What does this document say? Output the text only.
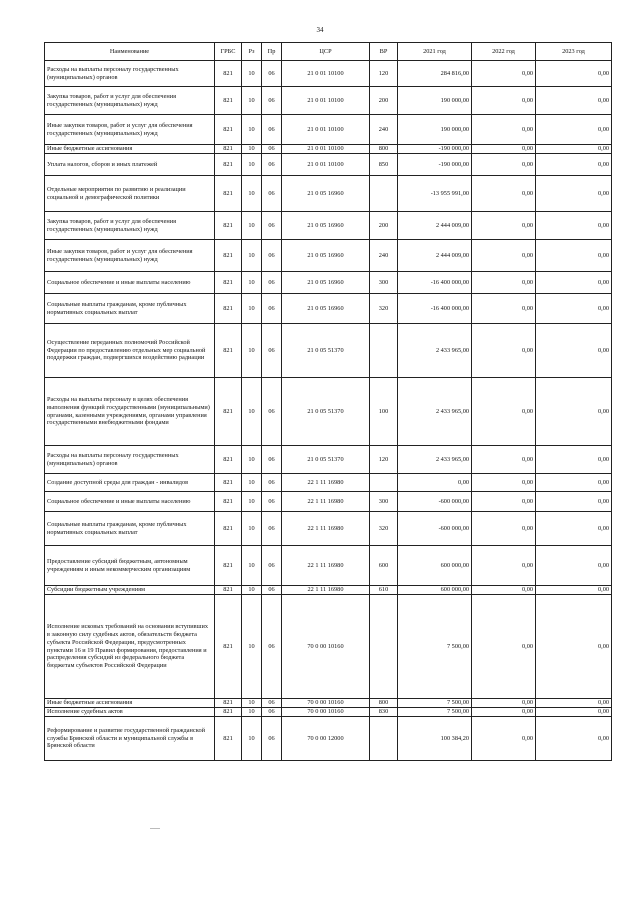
34
Наименование	ГРБС	Рз	Пр	ЦСР	ВР	2021 год	2022 год	2023 год
Расходы на выплаты персоналу государственных (муниципальных) органов	821	10	06	21 0 01 10100	120	284 816,00	0,00	0,00
Закупка товаров, работ и услуг для обеспечения государственных (муниципальных) нужд	821	10	06	21 0 01 10100	200	190 000,00	0,00	0,00
Иные закупки товаров, работ и услуг для обеспечения государственных (муниципальных) нужд	821	10	06	21 0 01 10100	240	190 000,00	0,00	0,00
Иные бюджетные ассигнования	821	10	06	21 0 01 10100	800	-190 000,00	0,00	0,00
Уплата налогов, сборов и иных платежей	821	10	06	21 0 01 10100	850	-190 000,00	0,00	0,00
Отдельные мероприятия по развитию и реализации социальной и демографической политики	821	10	06	21 0 05 16960		-13 955 991,00	0,00	0,00
Закупка товаров, работ и услуг для обеспечения государственных (муниципальных) нужд	821	10	06	21 0 05 16960	200	2 444 009,00	0,00	0,00
Иные закупки товаров, работ и услуг для обеспечения государственных (муниципальных) нужд	821	10	06	21 0 05 16960	240	2 444 009,00	0,00	0,00
Социальное обеспечение и иные выплаты населению	821	10	06	21 0 05 16960	300	-16 400 000,00	0,00	0,00
Социальные выплаты гражданам, кроме публичных нормативных социальных выплат	821	10	06	21 0 05 16960	320	-16 400 000,00	0,00	0,00
Осуществление переданных полномочий Российской Федерации по предоставлению отдельных мер социальной поддержки граждан, подвергшихся воздействию радиации	821	10	06	21 0 05 51370		2 433 965,00	0,00	0,00
Расходы на выплаты персоналу в целях обеспечения выполнения функций государственными (муниципальными) органами, казенными учреждениями, органами управления государственными внебюджетными фондами	821	10	06	21 0 05 51370	100	2 433 965,00	0,00	0,00
Расходы на выплаты персоналу государственных (муниципальных) органов	821	10	06	21 0 05 51370	120	2 433 965,00	0,00	0,00
Создание доступной среды для граждан - инвалидов	821	10	06	22 1 11 16980		0,00	0,00	0,00
Социальное обеспечение и иные выплаты населению	821	10	06	22 1 11 16980	300	-600 000,00	0,00	0,00
Социальные выплаты гражданам, кроме публичных нормативных социальных выплат	821	10	06	22 1 11 16980	320	-600 000,00	0,00	0,00
Предоставление субсидий бюджетным, автономным учреждениям и иным некоммерческим организациям	821	10	06	22 1 11 16980	600	600 000,00	0,00	0,00
Субсидии бюджетным учреждениям	821	10	06	22 1 11 16980	610	600 000,00	0,00	0,00
Исполнение исковых требований на основании вступивших в законную силу судебных актов, обязательств бюджета субъекта Российской Федерации, предусмотренных пунктами 16 и 19 Правил формирования, предоставления и распределения субсидий из федерального бюджета бюджетам субъектов Российской Федерации	821	10	06	70 0 00 10160		7 500,00	0,00	0,00
Иные бюджетные ассигнования	821	10	06	70 0 00 10160	800	7 500,00	0,00	0,00
Исполнение судебных актов	821	10	06	70 0 00 10160	830	7 500,00	0,00	0,00
Реформирование и развитие государственной гражданской службы Брянской области и муниципальной службы в Брянской области	821	10	06	70 0 00 12000		100 384,20	0,00	0,00
